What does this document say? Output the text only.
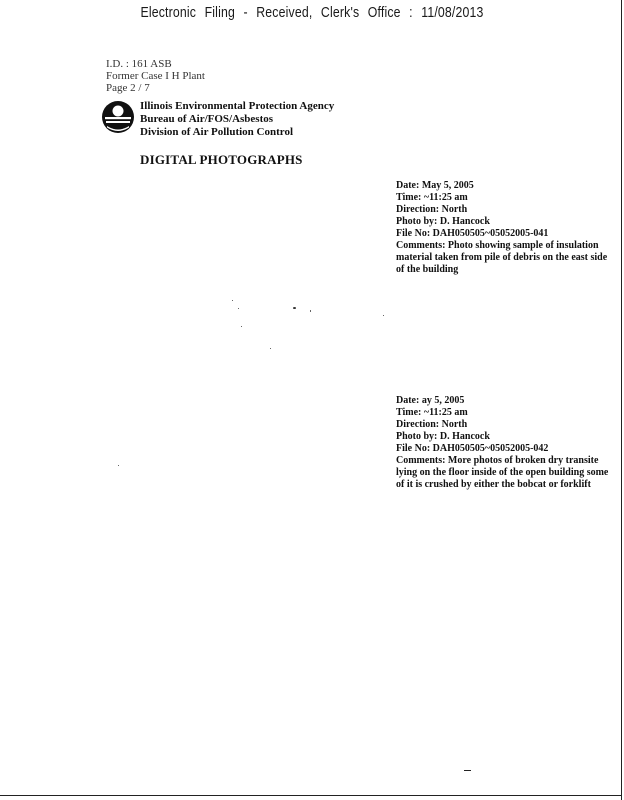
Electronic Filing - Received, Clerk's Office : 11/08/2013
I.D. : 161 ASB
Former Case I H Plant
Page 2 / 7
Illinois Environmental Protection Agency
Bureau of Air/FOS/Asbestos
Division of Air Pollution Control
DIGITAL PHOTOGRAPHS
Date: May 5, 2005
Time: ~11:25 am
Direction: North
Photo by: D. Hancock
File No: DAH050505~05052005-041
Comments: Photo showing sample of insulation material taken from pile of debris on the east side of the building
Date: ay 5, 2005
Time: ~11:25 am
Direction: North
Photo by: D. Hancock
File No: DAH050505~05052005-042
Comments: More photos of broken dry transite lying on the floor inside of the open building some of it is crushed by either the bobcat or forklift
